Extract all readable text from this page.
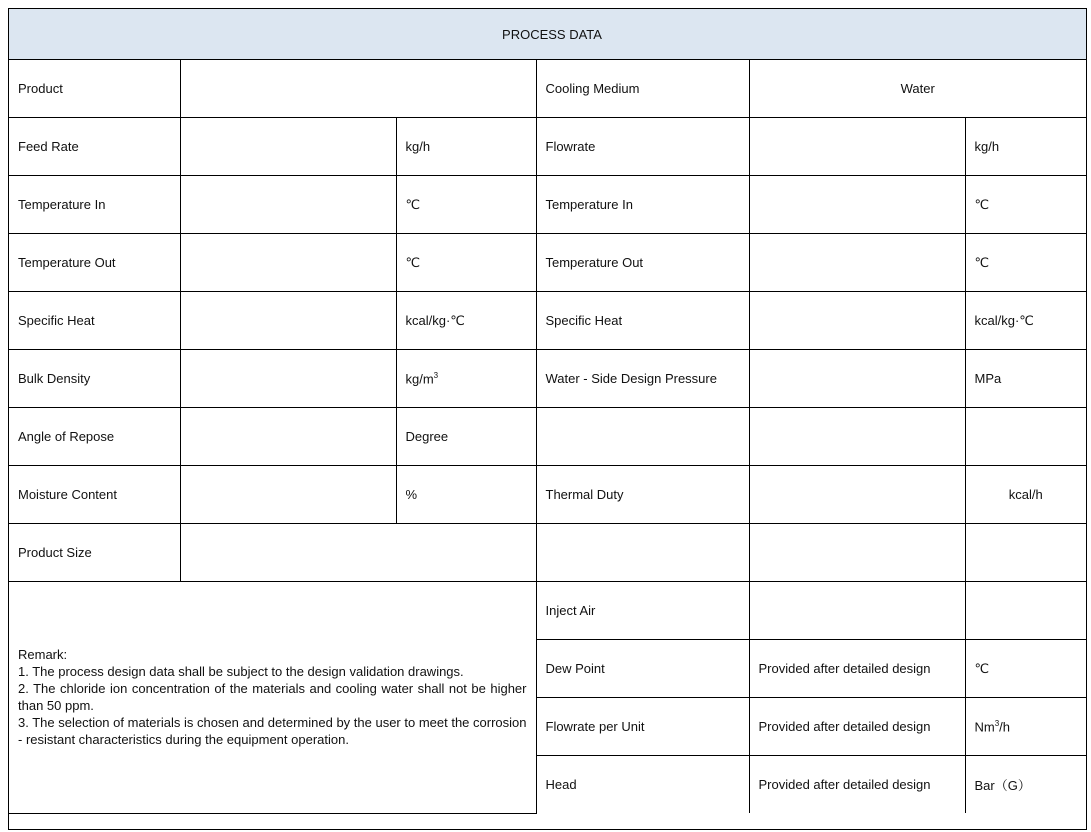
PROCESS DATA					
Product			Cooling Medium	Water	
Feed Rate		kg/h	Flowrate		kg/h
Temperature In		℃	Temperature In		℃
Temperature Out		℃	Temperature Out		℃
Specific Heat		kcal/kg·℃	Specific Heat		kcal/kg·℃
Bulk Density		$kg/m^3$	Water - Side Design Pressure		MPa
Angle of Repose		Degree			
Moisture Content		%	Thermal Duty		kcal/h
Product Size					

Remark:
1. The process design data shall be subject to the design validation drawings.
2. The chloride ion concentration of the materials and cooling water shall not be higher than 50 ppm.
3. The selection of materials is chosen and determined by the user to meet the corrosion - resistant characteristics during the equipment operation.			Inject Air		
			Dew Point	Provided after detailed design	℃
			Flowrate per Unit	Provided after detailed design	Nm$^3$/h
			Head	Provided after detailed design	Bar（G）
